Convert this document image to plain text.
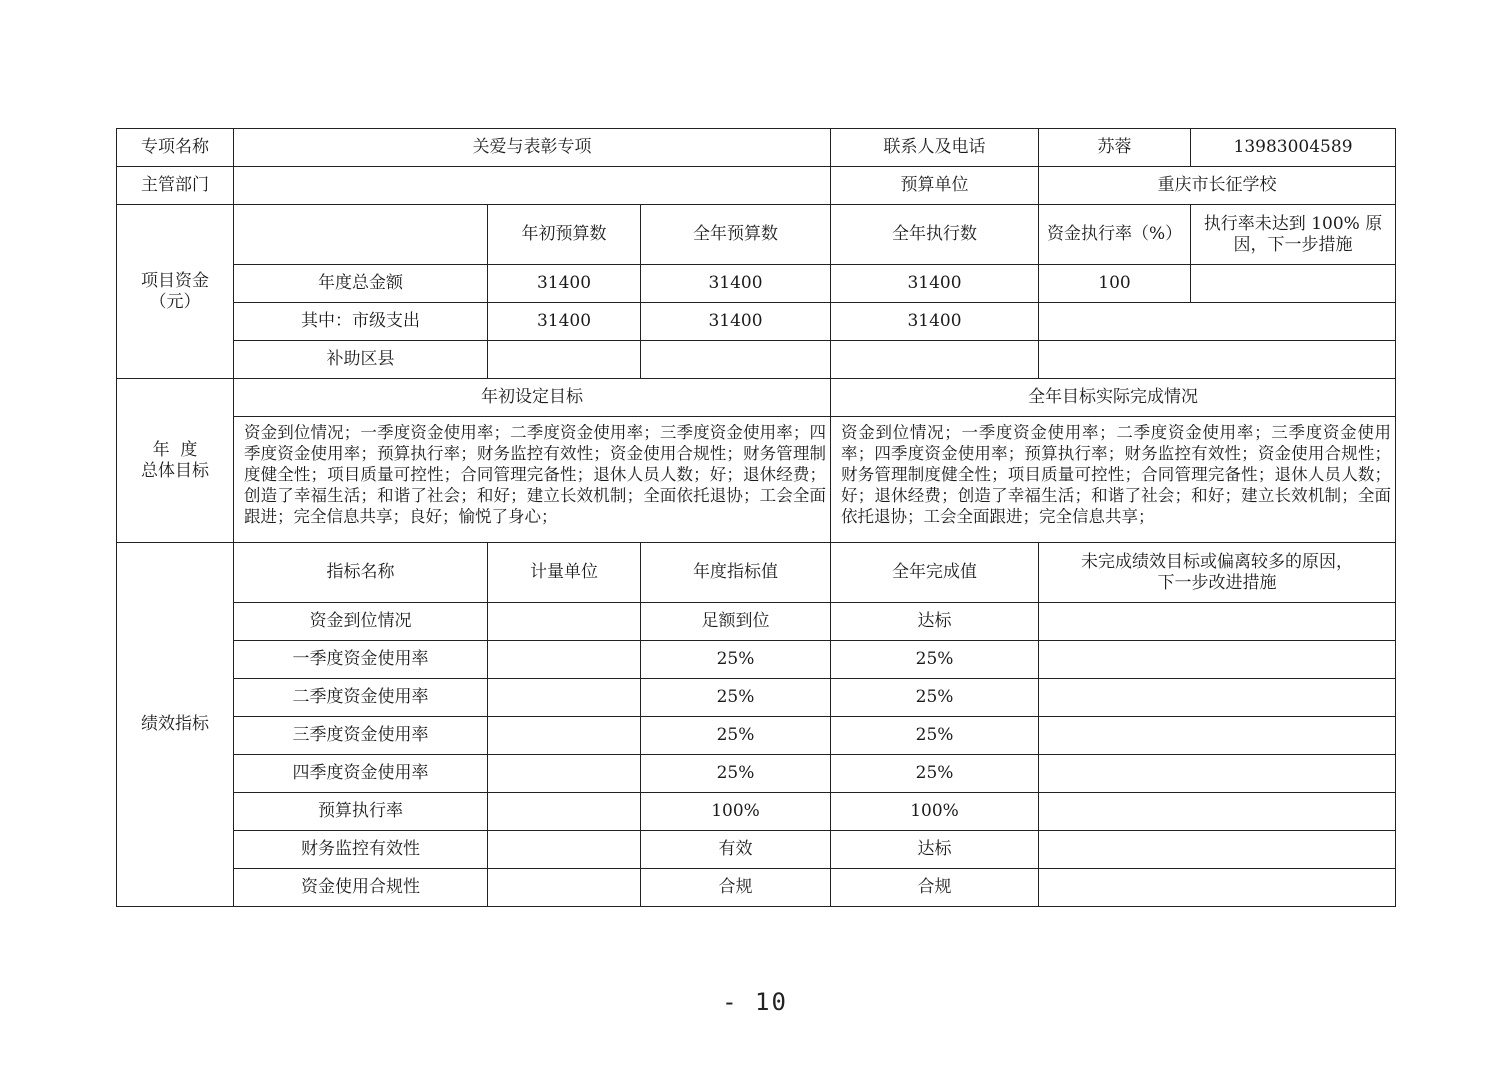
专项名称	关爱与表彰专项			联系人及电话	苏蓉	13983004589
主管部门				预算单位	重庆市长征学校	
项目资金
（元）		年初预算数	全年预算数	全年执行数	资金执行率（%）	执行率未达到 100% 原因，下一步措施
	年度总金额	31400	31400	31400	100	
	其中：市级支出	31400	31400	31400		
	补助区县					
年  度
总体目标	年初设定目标			全年目标实际完成情况		
	资金到位情况；一季度资金使用率；二季度资金使用率；三季度资金使用率；四季度资金使用率；预算执行率；财务监控有效性；资金使用合规性；财务管理制度健全性；项目质量可控性；合同管理完备性；退休人员人数；好；退休经费；创造了幸福生活；和谐了社会；和好；建立长效机制；全面依托退协；工会全面跟进；完全信息共享；良好；愉悦了身心；			资金到位情况；一季度资金使用率；二季度资金使用率；三季度资金使用率；四季度资金使用率；预算执行率；财务监控有效性；资金使用合规性；财务管理制度健全性；项目质量可控性；合同管理完备性；退休人员人数；好；退休经费；创造了幸福生活；和谐了社会；和好；建立长效机制；全面依托退协；工会全面跟进；完全信息共享；		
绩效指标	指标名称	计量单位	年度指标值	全年完成值	未完成绩效目标或偏离较多的原因，
下一步改进措施	
	资金到位情况		足额到位	达标		
	一季度资金使用率		25%	25%		
	二季度资金使用率		25%	25%		
	三季度资金使用率		25%	25%		
	四季度资金使用率		25%	25%		
	预算执行率		100%	100%		
	财务监控有效性		有效	达标		
	资金使用合规性		合规	合规		
- 10
